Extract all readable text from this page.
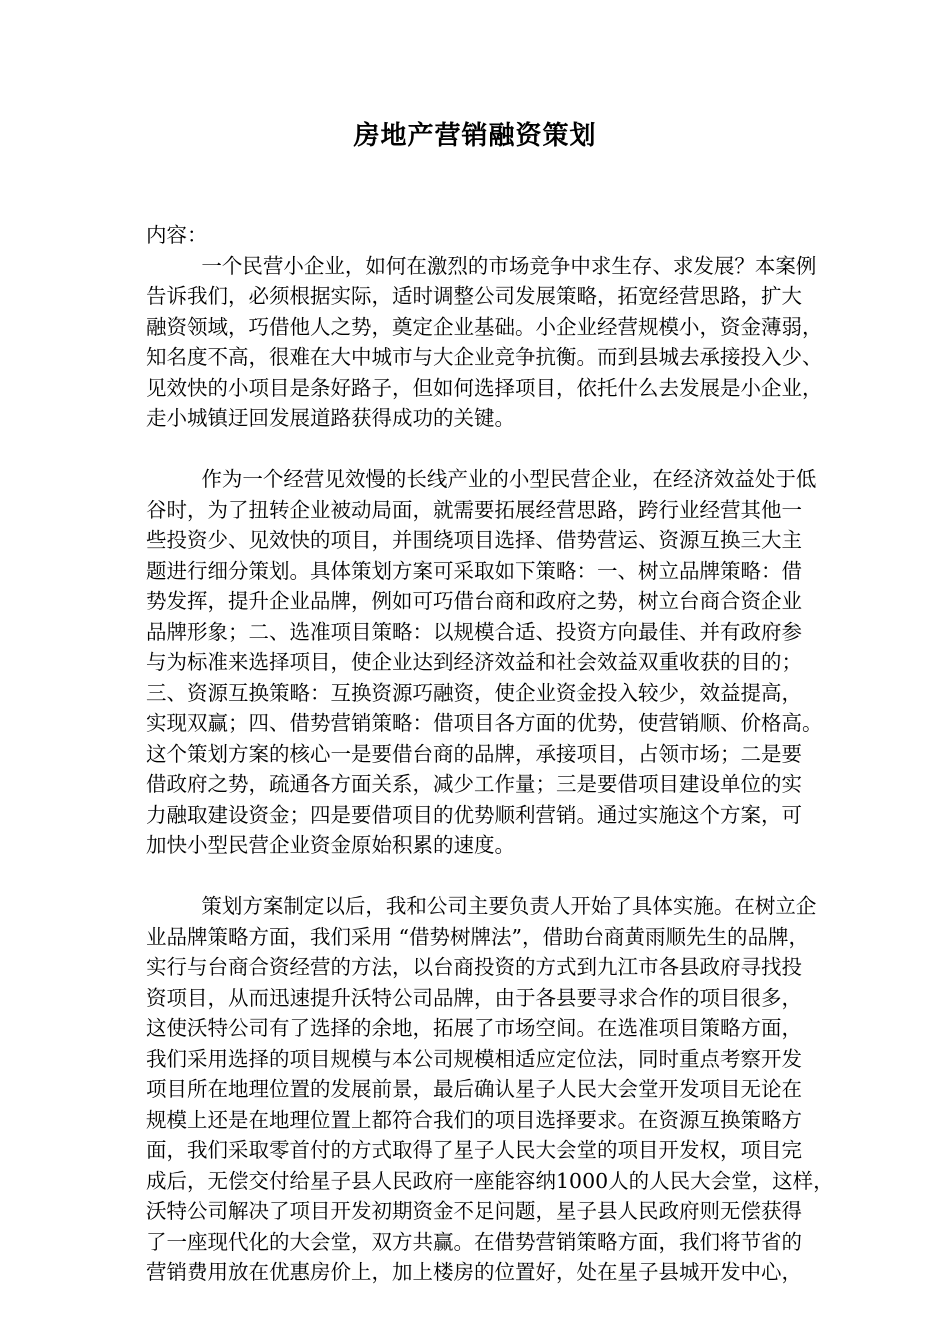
房地产营销融资策划

内容：

一个民营小企业，如何在激烈的市场竞争中求生存、求发展？本案例
告诉我们，必须根据实际，适时调整公司发展策略，拓宽经营思路，扩大
融资领域，巧借他人之势，奠定企业基础。小企业经营规模小，资金薄弱，
知名度不高，很难在大中城市与大企业竞争抗衡。而到县城去承接投入少、
见效快的小项目是条好路子，但如何选择项目，依托什么去发展是小企业，
走小城镇迂回发展道路获得成功的关键。

作为一个经营见效慢的长线产业的小型民营企业，在经济效益处于低
谷时，为了扭转企业被动局面，就需要拓展经营思路，跨行业经营其他一
些投资少、见效快的项目，并围绕项目选择、借势营运、资源互换三大主
题进行细分策划。具体策划方案可采取如下策略：一、树立品牌策略：借
势发挥，提升企业品牌，例如可巧借台商和政府之势，树立台商合资企业
品牌形象；二、选准项目策略：以规模合适、投资方向最佳、并有政府参
与为标准来选择项目，使企业达到经济效益和社会效益双重收获的目的；
三、资源互换策略：互换资源巧融资，使企业资金投入较少，效益提高，
实现双赢；四、借势营销策略：借项目各方面的优势，使营销顺、价格高。
这个策划方案的核心一是要借台商的品牌，承接项目，占领市场；二是要
借政府之势，疏通各方面关系，减少工作量；三是要借项目建设单位的实
力融取建设资金；四是要借项目的优势顺利营销。通过实施这个方案，可
加快小型民营企业资金原始积累的速度。

策划方案制定以后，我和公司主要负责人开始了具体实施。在树立企
业品牌策略方面，我们采用 “借势树牌法”，借助台商黄雨顺先生的品牌，
实行与台商合资经营的方法，以台商投资的方式到九江市各县政府寻找投
资项目，从而迅速提升沃特公司品牌，由于各县要寻求合作的项目很多，
这使沃特公司有了选择的余地，拓展了市场空间。在选准项目策略方面，
我们采用选择的项目规模与本公司规模相适应定位法，同时重点考察开发
项目所在地理位置的发展前景，最后确认星子人民大会堂开发项目无论在
规模上还是在地理位置上都符合我们的项目选择要求。在资源互换策略方
面，我们采取零首付的方式取得了星子人民大会堂的项目开发权，项目完
成后，无偿交付给星子县人民政府一座能容纳1000人的人民大会堂，这样，
沃特公司解决了项目开发初期资金不足问题，星子县人民政府则无偿获得
了一座现代化的大会堂，双方共赢。在借势营销策略方面，我们将节省的
营销费用放在优惠房价上，加上楼房的位置好，处在星子县城开发中心，
